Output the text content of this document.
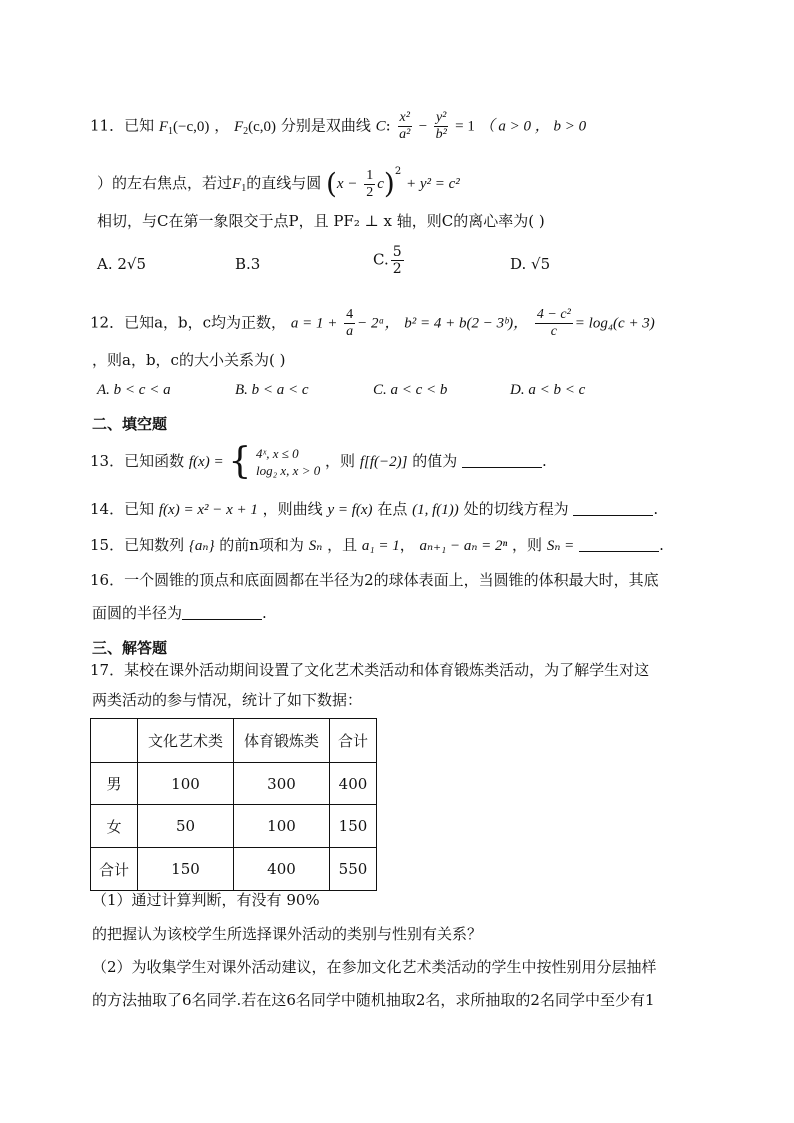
11．已知 $F_1(-c,0)$ ， $F_2(c,0)$ 分别是双曲线 C: $\frac{\text{x²}}{\text{a²}} - \frac{\text{y²}}{\text{b²}} = 1$ （ a > 0 ， b > 0
）的左右焦点，若过$F_1$的直线与圆 $(x - \frac{1}{2} c)^2 + y^2 = c^2$
相切，与C在第一象限交于点P，且 PF₂ ⊥ x 轴，则C的离心率为( )
A. 2√5	B.3	C. $\frac{5}{2}$	D. √5
12．已知a，b，c均为正数， $a = 1 + \frac{4}{a}$ − 2ᵃ， b² = 4 + b(2 − 3ᵇ)， $\frac{\text{4 − c²}}{c} = \log_4(c + 3)$
，则a，b，c的大小关系为( )
A. b < c < a	B. b < a < c	C. a < c < b	D. a < b < c
二、填空题
13．已知函数 f(x) = { 4ˣ, x ≤ 0
log₂ x, x > 0
，则 f[f(−2)] 的值为	.
14．已知 f(x) = x² − x + 1 ，则曲线 y = f(x) 在点 (1, f(1)) 处的切线方程为	.
15．已知数列 {aₙ} 的前n项和为 Sₙ ，且 a₁ = 1， aₙ₊₁ − aₙ = 2ⁿ ，则 Sₙ =	.
16．一个圆锥的顶点和底面圆都在半径为2的球体表面上，当圆锥的体积最大时，其底
面圆的半径为	.
三、解答题
17．某校在课外活动期间设置了文化艺术类活动和体育锻炼类活动，为了解学生对这
两类活动的参与情况，统计了如下数据：
	文化艺术类	体育锻炼类	合计
男	100	300	400
女	50	100	150
合计	150	400	550
（1）通过计算判断，有没有 90%
的把握认为该校学生所选择课外活动的类别与性别有关系？
（2）为收集学生对课外活动建议，在参加文化艺术类活动的学生中按性别用分层抽样
的方法抽取了6名同学.若在这6名同学中随机抽取2名，求所抽取的2名同学中至少有1
